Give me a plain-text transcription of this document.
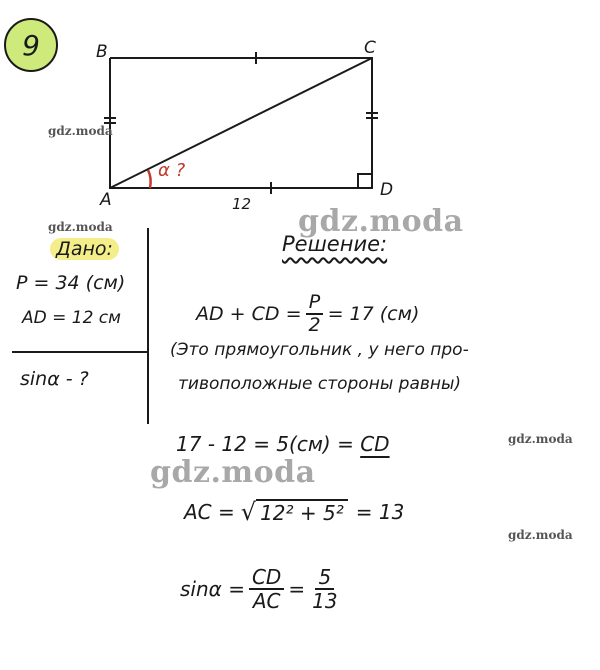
9	B	C
A	D
α ?
12
gdz.moda
gdz.moda	gdz.moda
gdz.moda
gdz.moda
gdz.moda
Дано:
P = 34 (см)
AD = 12 см
sinα - ?
Решение:
AD + CD = $\frac{P}{2} = 17$ (см)
(Это прямоугольник , у него про-
тивоположные стороны равны)
17 - 12 = 5(см) = CD
AC = √ 12² + 5² = 13
$\sin\alpha = \frac{CD}{AC} = \frac{5}{13}$
